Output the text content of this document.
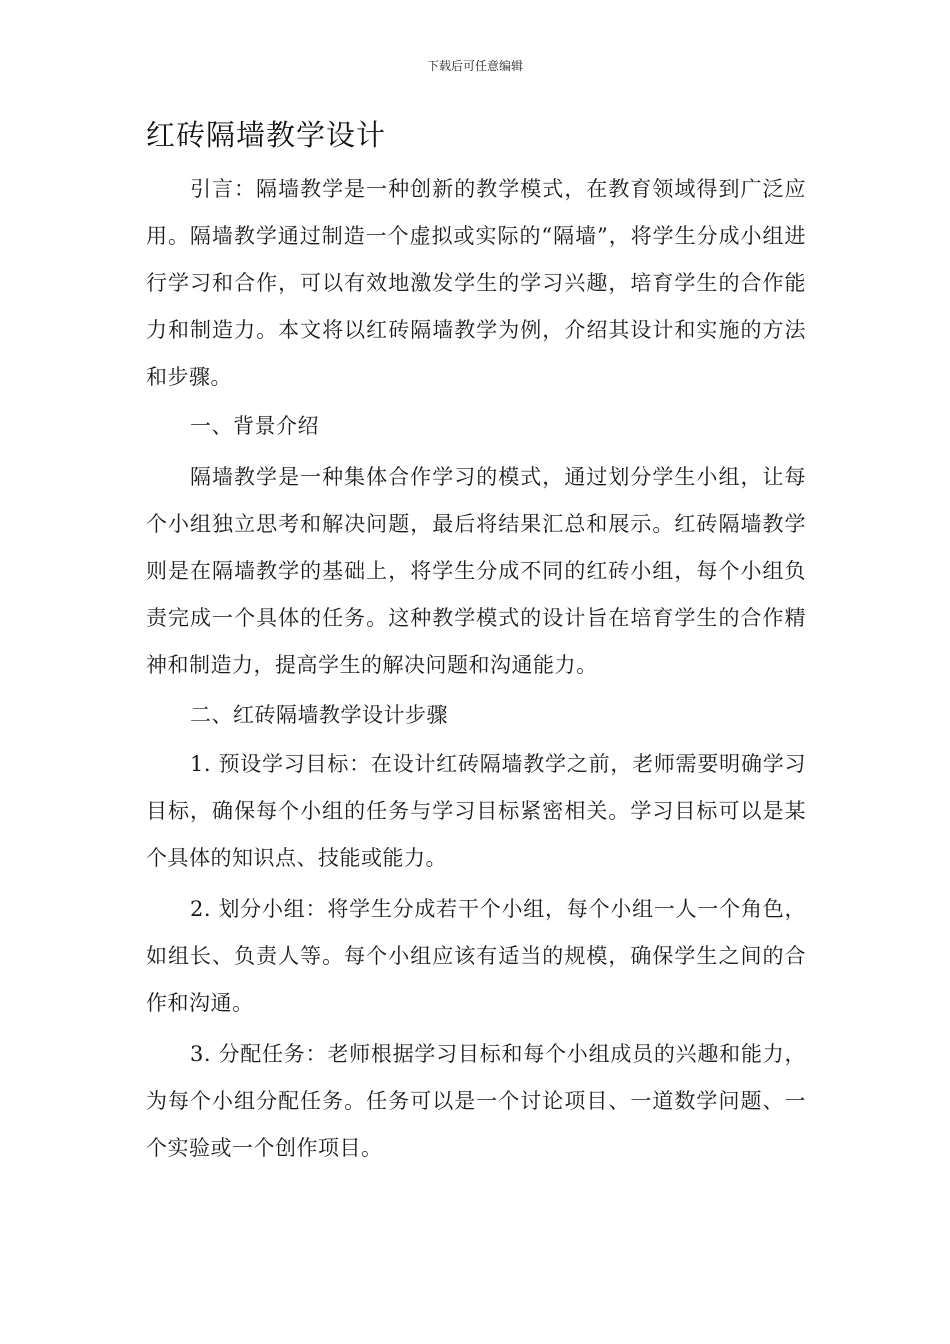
下载后可任意编辑
红砖隔墙教学设计

引言：隔墙教学是一种创新的教学模式，在教育领域得到广泛应用。隔墙教学通过制造一个虚拟或实际的“隔墙”，将学生分成小组进行学习和合作，可以有效地激发学生的学习兴趣，培育学生的合作能力和制造力。本文将以红砖隔墙教学为例，介绍其设计和实施的方法和步骤。

一、背景介绍

隔墙教学是一种集体合作学习的模式，通过划分学生小组，让每个小组独立思考和解决问题，最后将结果汇总和展示。红砖隔墙教学则是在隔墙教学的基础上，将学生分成不同的红砖小组，每个小组负责完成一个具体的任务。这种教学模式的设计旨在培育学生的合作精神和制造力，提高学生的解决问题和沟通能力。

二、红砖隔墙教学设计步骤

1. 预设学习目标：在设计红砖隔墙教学之前，老师需要明确学习目标，确保每个小组的任务与学习目标紧密相关。学习目标可以是某个具体的知识点、技能或能力。

2. 划分小组：将学生分成若干个小组，每个小组一人一个角色，如组长、负责人等。每个小组应该有适当的规模，确保学生之间的合作和沟通。

3. 分配任务：老师根据学习目标和每个小组成员的兴趣和能力，为每个小组分配任务。任务可以是一个讨论项目、一道数学问题、一个实验或一个创作项目。
